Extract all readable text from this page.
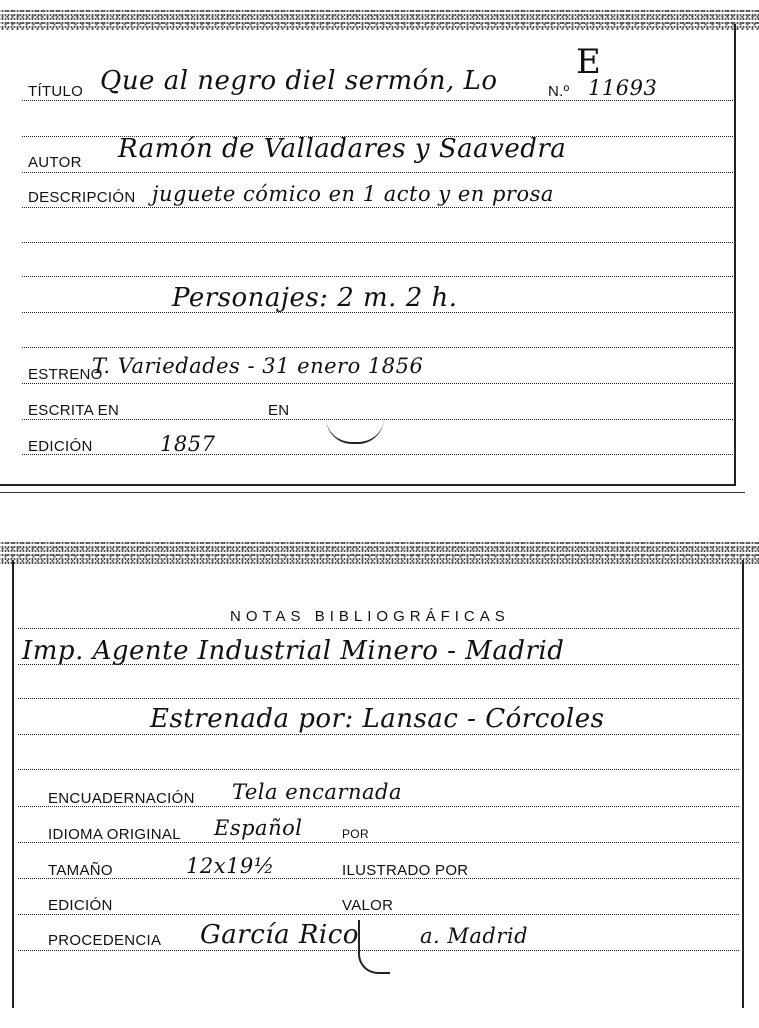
TÍTULO Que al negro diel sermón, Lo	N.º 11693
E
AUTOR Ramón de Valladares y Saavedra
DESCRIPCIÓN juguete cómico en 1 acto y en prosa
Personajes: 2 m. 2 h.
ESTRENO
T. Variedades - 31 enero 1856
ESCRITA EN	EN
EDICIÓN	1857
NOTAS BIBLIOGRÁFICAS
Imp. Agente Industrial Minero - Madrid
Estrenada por: Lansac - Córcoles
ENCUADERNACIÓN Tela encarnada
IDIOMA ORIGINAL Español	POR
TAMAÑO	12x19½	ILUSTRADO POR
EDICIÓN	VALOR
PROCEDENCIA García Rico	a. Madrid
